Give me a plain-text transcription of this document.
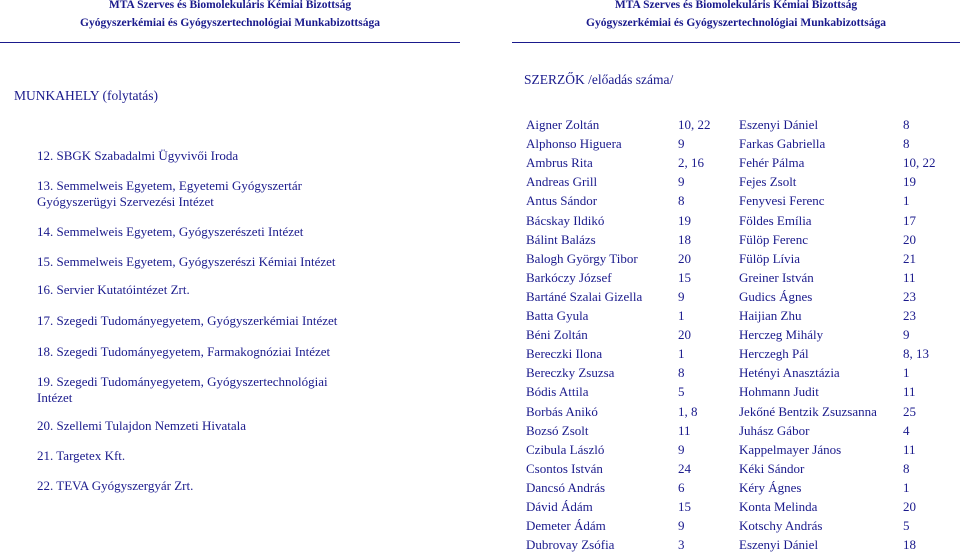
MTA Szerves és Biomolekuláris Kémiai Bizottság
Gyógyszerkémiai és Gyógyszertechnológiai Munkabizottsága
MUNKAHELY (folytatás)
12. SBGK Szabadalmi Ügyvivői Iroda
13. Semmelweis Egyetem, Egyetemi Gyógyszertár
Gyógyszerügyi Szervezési Intézet
14. Semmelweis Egyetem, Gyógyszerészeti Intézet
15. Semmelweis Egyetem, Gyógyszerészi Kémiai Intézet
16. Servier Kutatóintézet Zrt.
17. Szegedi Tudományegyetem, Gyógyszerkémiai Intézet
18. Szegedi Tudományegyetem, Farmakognóziai Intézet
19. Szegedi Tudományegyetem, Gyógyszertechnológiai
Intézet
20. Szellemi Tulajdon Nemzeti Hivatala
21. Targetex Kft.
22. TEVA Gyógyszergyár Zrt.
MTA Szerves és Biomolekuláris Kémiai Bizottság
Gyógyszerkémiai és Gyógyszertechnológiai Munkabizottsága
SZERZŐK /előadás száma/
Aigner Zoltán	10, 22
Alphonso Higuera	9
Ambrus Rita	2, 16
Andreas Grill	9
Antus Sándor	8
Bácskay Ildikó	19
Bálint Balázs	18
Balogh György Tibor	20
Barkóczy József	15
Bartáné Szalai Gizella	9
Batta Gyula	1
Béni Zoltán	20
Bereczki Ilona	1
Bereczky Zsuzsa	8
Bódis Attila	5
Borbás Anikó	1, 8
Bozsó Zsolt	11
Czibula László	9
Csontos István	24
Dancsó András	6
Dávid Ádám	15
Demeter Ádám	9
Dubrovay Zsófia	3
Eszenyi Dániel	8
Farkas Gabriella	8
Fehér Pálma	10, 22
Fejes Zsolt	19
Fenyvesi Ferenc	1
Földes Emília	17
Fülöp Ferenc	20
Fülöp Lívia	21
Greiner István	11
Gudics Ágnes	23
Haijian Zhu	23
Herczeg Mihály	9
Herczegh Pál	8, 13
Hetényi Anasztázia	1
Hohmann Judit	11
Jekőné Bentzik Zsuzsanna 25
Juhász Gábor	4
Kappelmayer János	11
Kéki Sándor	8
Kéry Ágnes	1
Konta Melinda	20
Kotschy András	5
Eszenyi Dániel	18
